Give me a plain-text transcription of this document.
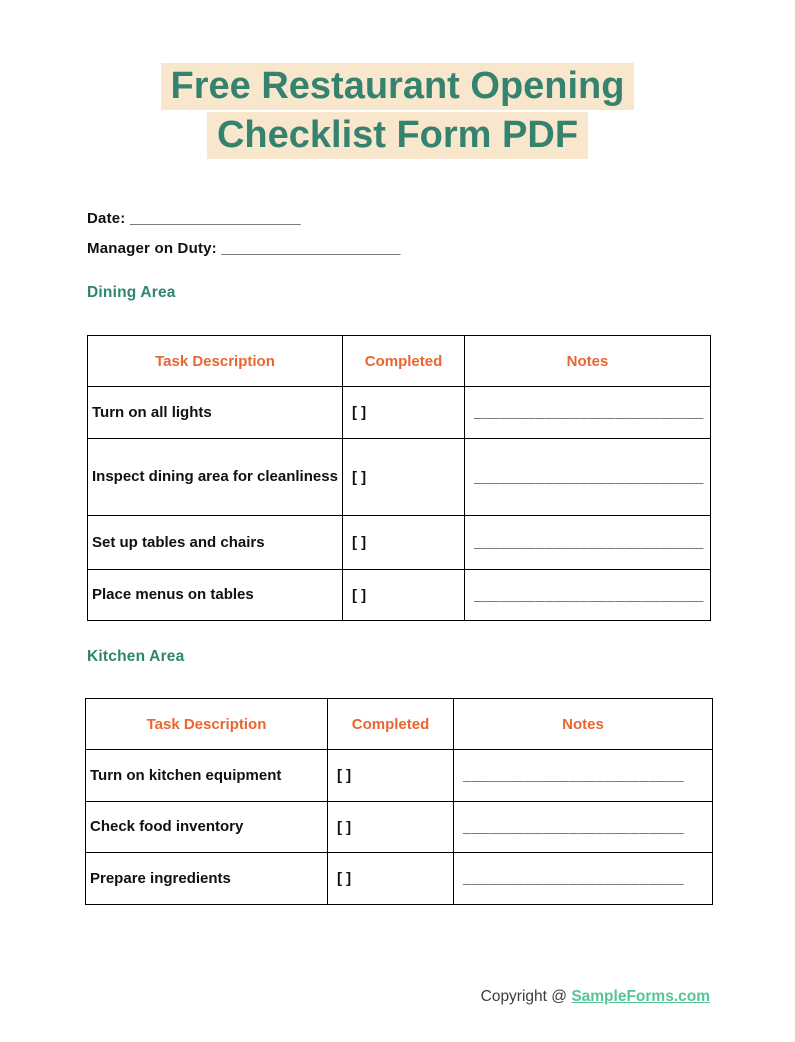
Free Restaurant Opening
Checklist Form PDF
Date: ____________________
Manager on Duty: _____________________
Dining Area
Task Description	Completed	Notes
Turn on all lights	[ ]	__________________________
Inspect dining area for cleanliness	[ ]	__________________________
Set up tables and chairs	[ ]	__________________________
Place menus on tables	[ ]	__________________________
Kitchen Area
Task Description	Completed	Notes
Turn on kitchen equipment	[ ]	_________________________
Check food inventory	[ ]	_________________________
Prepare ingredients	[ ]	_________________________
Copyright @ SampleForms.com
